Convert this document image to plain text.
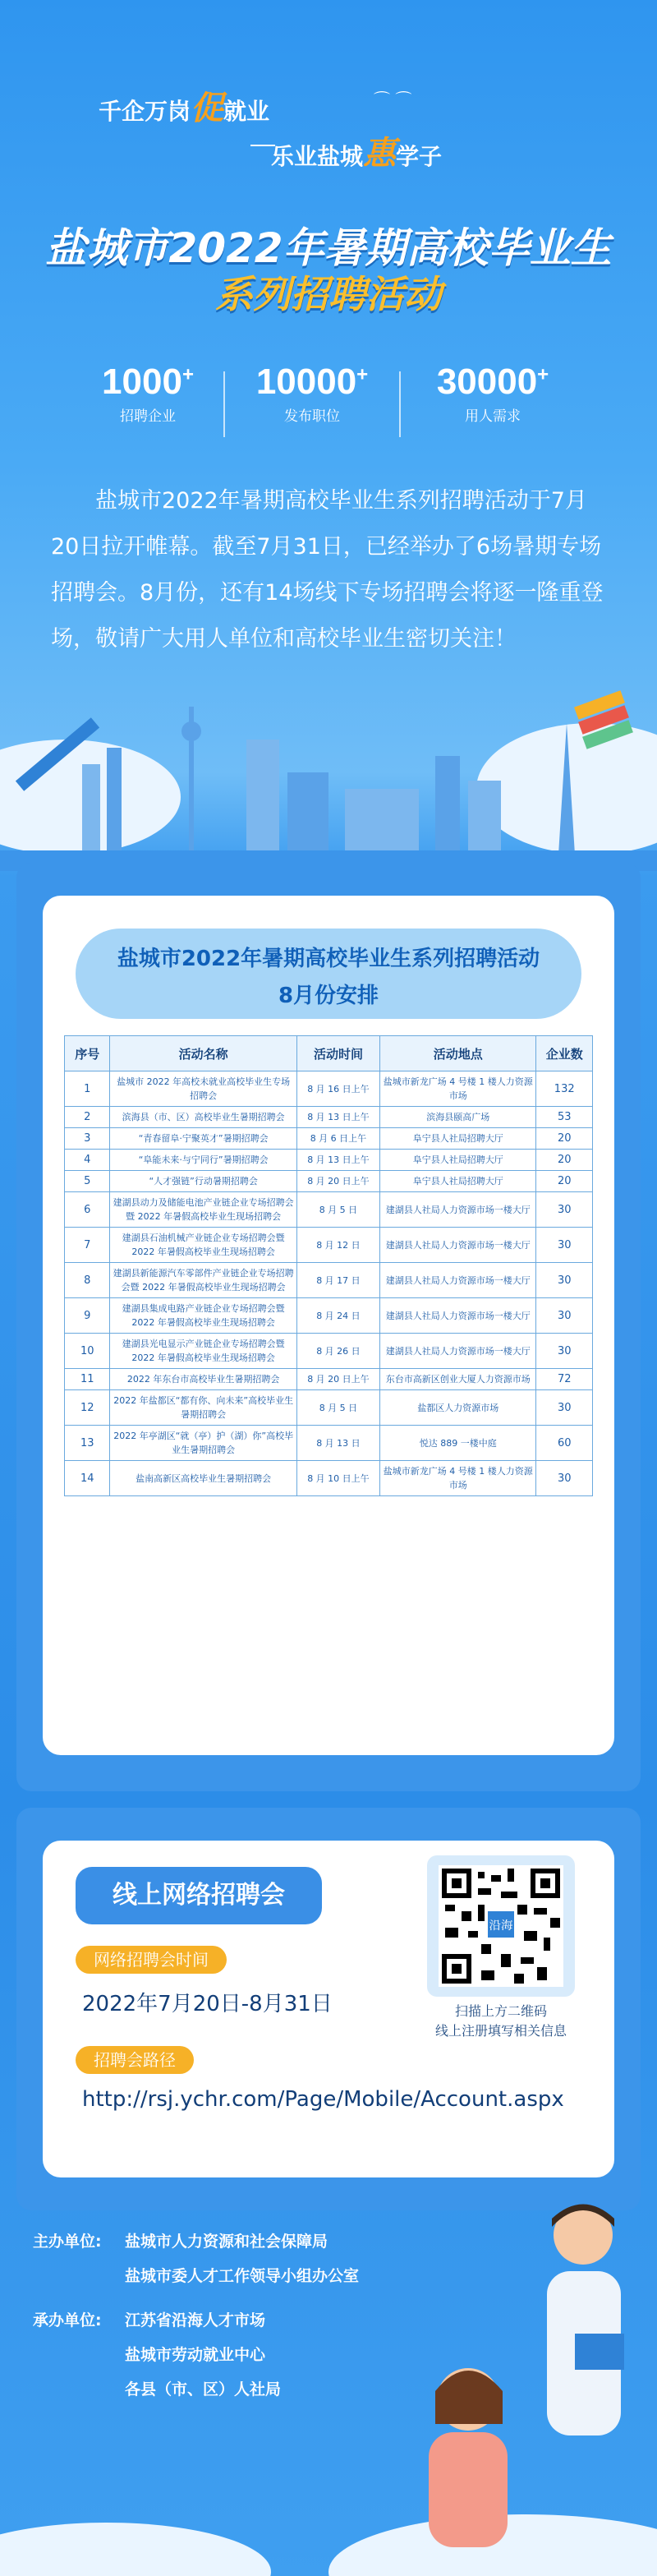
千企万岗促就业	⌒ ⌒
乐业盐城惠学子
盐城市2022年暑期高校毕业生
系列招聘活动
1000+
招聘企业
10000+
发布职位
30000+
用人需求
盐城市2022年暑期高校毕业生系列招聘活动于7月20日拉开帷幕。截至7月31日，已经举办了6场暑期专场招聘会。8月份，还有14场线下专场招聘会将逐一隆重登场，敬请广大用人单位和高校毕业生密切关注！
盐城市2022年暑期高校毕业生系列招聘活动
8月份安排
序号	活动名称	活动时间	活动地点	企业数
1	盐城市 2022 年高校未就业高校毕业生专场招聘会	8 月 16 日上午	盐城市新龙广场 4 号楼 1 楼人力资源市场	132
2	滨海县（市、区）高校毕业生暑期招聘会	8 月 13 日上午	滨海县颐高广场	53
3	“青春留阜·宁聚英才”暑期招聘会	8 月 6 日上午	阜宁县人社局招聘大厅	20
4	“阜能未来·与宁同行”暑期招聘会	8 月 13 日上午	阜宁县人社局招聘大厅	20
5	“人才强链”行动暑期招聘会	8 月 20 日上午	阜宁县人社局招聘大厅	20
6	建湖县动力及储能电池产业链企业专场招聘会暨 2022 年暑假高校毕业生现场招聘会	8 月 5 日	建湖县人社局人力资源市场一楼大厅	30
7	建湖县石油机械产业链企业专场招聘会暨 2022 年暑假高校毕业生现场招聘会	8 月 12 日	建湖县人社局人力资源市场一楼大厅	30
8	建湖县新能源汽车零部件产业链企业专场招聘会暨 2022 年暑假高校毕业生现场招聘会	8 月 17 日	建湖县人社局人力资源市场一楼大厅	30
9	建湖县集成电路产业链企业专场招聘会暨 2022 年暑假高校毕业生现场招聘会	8 月 24 日	建湖县人社局人力资源市场一楼大厅	30
10	建湖县光电显示产业链企业专场招聘会暨 2022 年暑假高校毕业生现场招聘会	8 月 26 日	建湖县人社局人力资源市场一楼大厅	30
11	2022 年东台市高校毕业生暑期招聘会	8 月 20 日上午	东台市高新区创业大厦人力资源市场	72
12	2022 年盐都区“都有你、向未来”高校毕业生暑期招聘会	8 月 5 日	盐都区人力资源市场	30
13	2022 年亭湖区“就（亭）护（湖）你”高校毕业生暑期招聘会	8 月 13 日	悦达 889 一楼中庭	60
14	盐南高新区高校毕业生暑期招聘会	8 月 10 日上午	盐城市新龙广场 4 号楼 1 楼人力资源市场	30
线上网络招聘会
网络招聘会时间
2022年7月20日-8月31日
招聘会路径
http://rsj.ychr.com/Page/Mobile/Account.aspx
沿海
扫描上方二维码
线上注册填写相关信息
主办单位:	盐城市人力资源和社会保障局
盐城市委人才工作领导小组办公室
承办单位:	江苏省沿海人才市场
盐城市劳动就业中心
各县（市、区）人社局
